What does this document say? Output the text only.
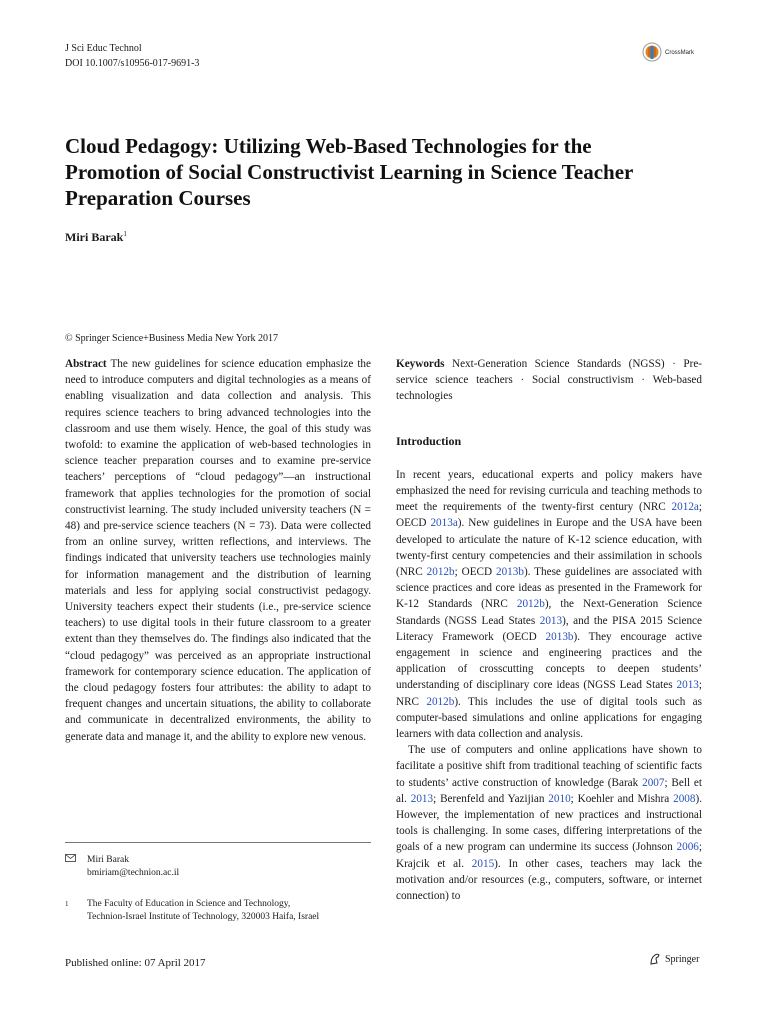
J Sci Educ Technol
DOI 10.1007/s10956-017-9691-3
CrossMark
Cloud Pedagogy: Utilizing Web-Based Technologies for the Promotion of Social Constructivist Learning in Science Teacher Preparation Courses
Miri Barak$^1$
© Springer Science+Business Media New York 2017

Abstract The new guidelines for science education emphasize the need to introduce computers and digital technologies as a means of enabling visualization and data collection and analysis. This requires science teachers to bring advanced technologies into the classroom and use them wisely. Hence, the goal of this study was twofold: to examine the application of web-based technologies in science teacher preparation courses and to examine pre-service teachers’ perceptions of “cloud pedagogy”—an instructional framework that applies technologies for the promotion of social constructivist learning. The study included university teachers (N = 48) and pre-service science teachers (N = 73). Data were collected from an online survey, written reflections, and interviews. The findings indicated that university teachers use technologies mainly for information management and the distribution of learning materials and less for applying social constructivist pedagogy. University teachers expect their students (i.e., pre-service science teachers) to use digital tools in their future classroom to a greater extent than they themselves do. The findings also indicated that the “cloud pedagogy” was perceived as an appropriate instructional framework for contemporary science education. The application of the cloud pedagogy fosters four attributes: the ability to adapt to frequent changes and uncertain situations, the ability to collaborate and communicate in decentralized environments, the ability to generate data and manage it, and the ability to explore new venous.

Keywords Next-Generation Science Standards (NGSS) · Pre-service science teachers · Social constructivism · Web-based technologies

Introduction

In recent years, educational experts and policy makers have emphasized the need for revising curricula and teaching methods to meet the requirements of the twenty-first century (NRC 2012a; OECD 2013a). New guidelines in Europe and the USA have been developed to articulate the nature of K-12 science education, with twenty-first century competencies and their assimilation in schools (NRC 2012b; OECD 2013b). These guidelines are associated with science practices and core ideas as presented in the Framework for K-12 Standards (NRC 2012b), the Next-Generation Science Standards (NGSS Lead States 2013), and the PISA 2015 Science Literacy Framework (OECD 2013b). They encourage active engagement in science and engineering practices and the application of crosscutting concepts to deepen students’ understanding of disciplinary core ideas (NGSS Lead States 2013; NRC 2012b). This includes the use of digital tools such as computer-based simulations and online applications for engaging learners with data collection and analysis.

The use of computers and online applications have shown to facilitate a positive shift from traditional teaching of scientific facts to students’ active construction of knowledge (Barak 2007; Bell et al. 2013; Berenfeld and Yazijian 2010; Koehler and Mishra 2008). However, the implementation of new practices and instructional tools is challenging. In some cases, differing interpretations of the goals of a new program can undermine its success (Johnson 2006; Krajcik et al. 2015). In other cases, teachers may lack the motivation and/or resources (e.g., computers, software, or internet connection) to

Miri Barak
bmiriam@technion.ac.il
1	The Faculty of Education in Science and Technology,
Technion-Israel Institute of Technology, 320003 Haifa, Israel
Published online: 07 April 2017	Springer
